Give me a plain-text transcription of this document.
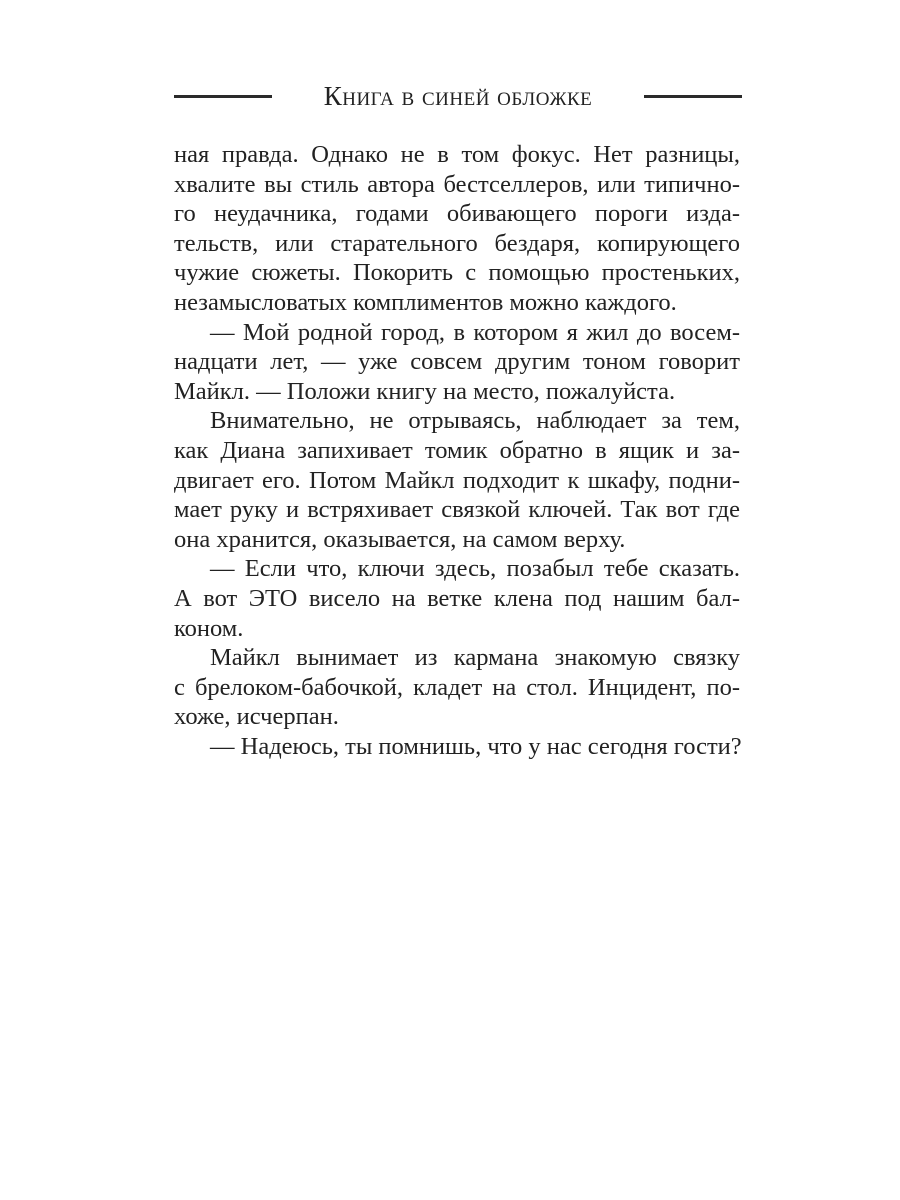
Книга в синей обложке
ная правда. Однако не в том фокус. Нет разницы,
хвалите вы стиль автора бестселлеров, или типично-
го неудачника, годами обивающего пороги изда-
тельств, или старательного бездаря, копирующего
чужие сюжеты. Покорить с помощью простеньких,
незамысловатых комплиментов можно каждого.
— Мой родной город, в котором я жил до восем-
надцати лет, — уже совсем другим тоном говорит
Майкл. — Положи книгу на место, пожалуйста.
Внимательно, не отрываясь, наблюдает за тем,
как Диана запихивает томик обратно в ящик и за-
двигает его. Потом Майкл подходит к шкафу, подни-
мает руку и встряхивает связкой ключей. Так вот где
она хранится, оказывается, на самом верху.
— Если что, ключи здесь, позабыл тебе сказать.
А вот ЭТО висело на ветке клена под нашим бал-
коном.
Майкл вынимает из кармана знакомую связку
с брелоком-бабочкой, кладет на стол. Инцидент, по-
хоже, исчерпан.
— Надеюсь, ты помнишь, что у нас сегодня гости?
